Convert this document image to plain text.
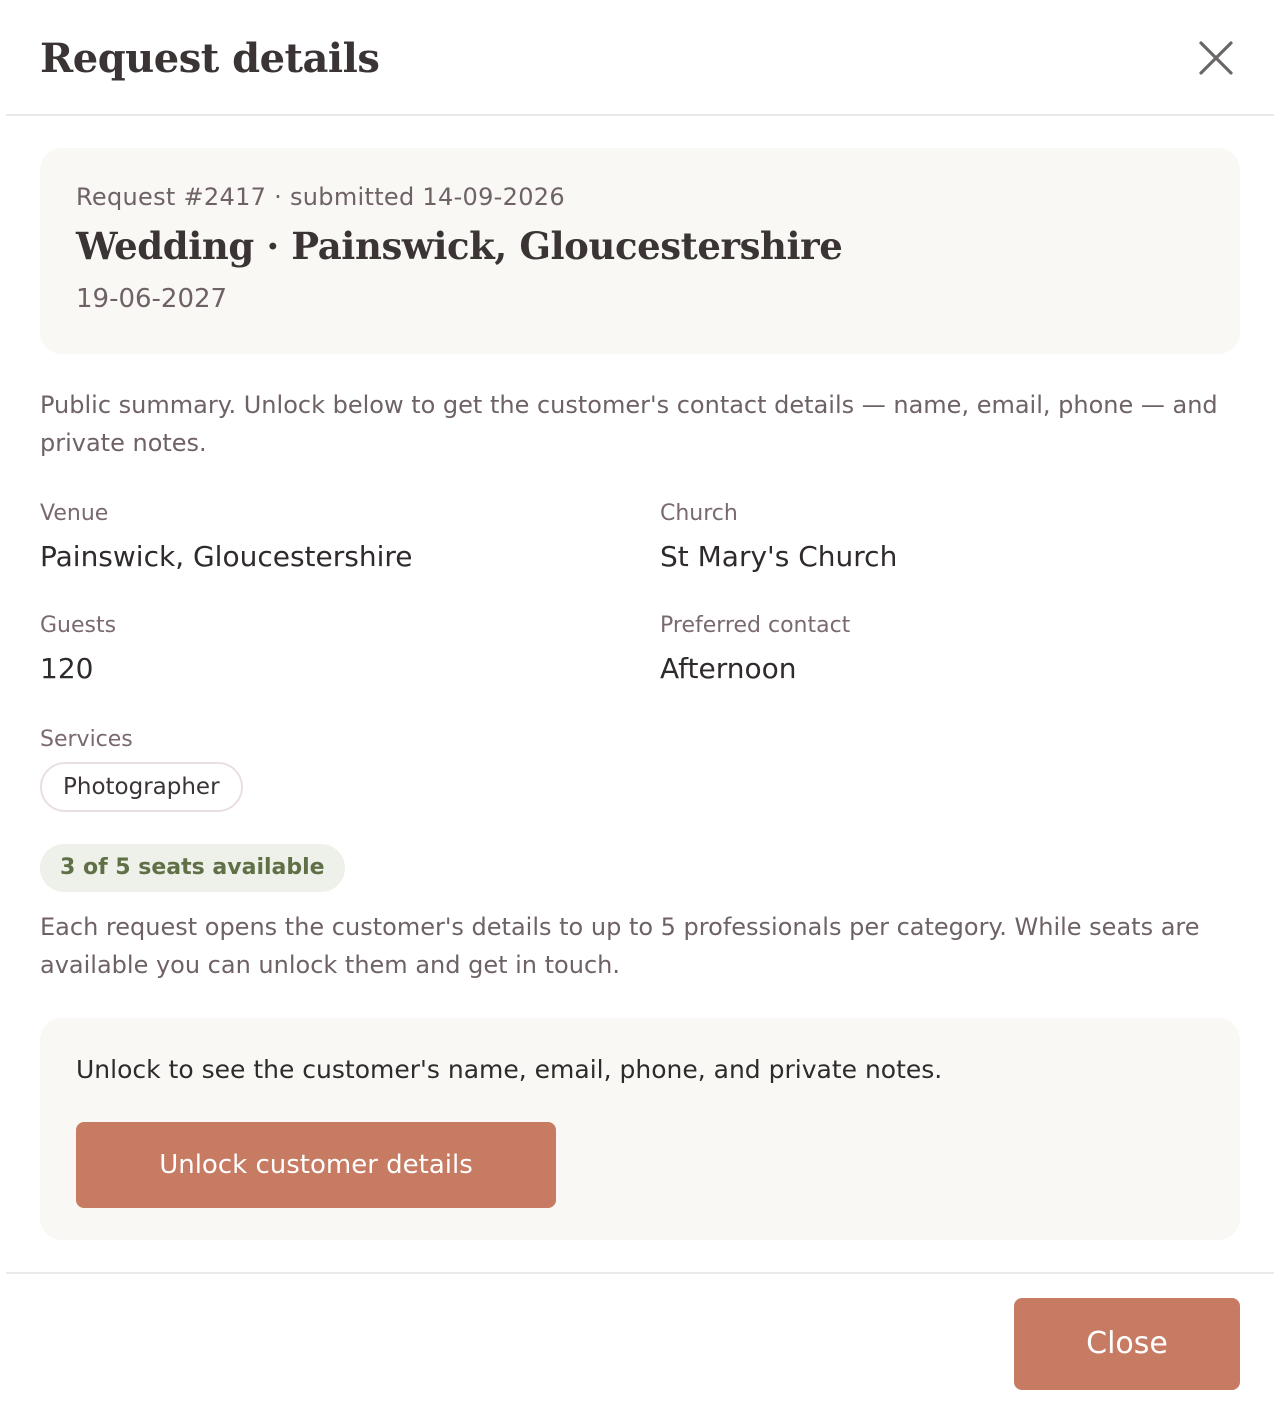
Request details
Request #2417 · submitted 14-09-2026
Wedding · Painswick, Gloucestershire
19-06-2027

Public summary. Unlock below to get the customer's contact details — name, email, phone — and private notes.

Venue
Painswick, Gloucestershire
Church
St Mary's Church
Guests
120
Preferred contact
Afternoon
Services
Photographer
3 of 5 seats available

Each request opens the customer's details to up to 5 professionals per category. While seats are available you can unlock them and get in touch.

Unlock to see the customer's name, email, phone, and private notes.

Unlock customer details
Close
